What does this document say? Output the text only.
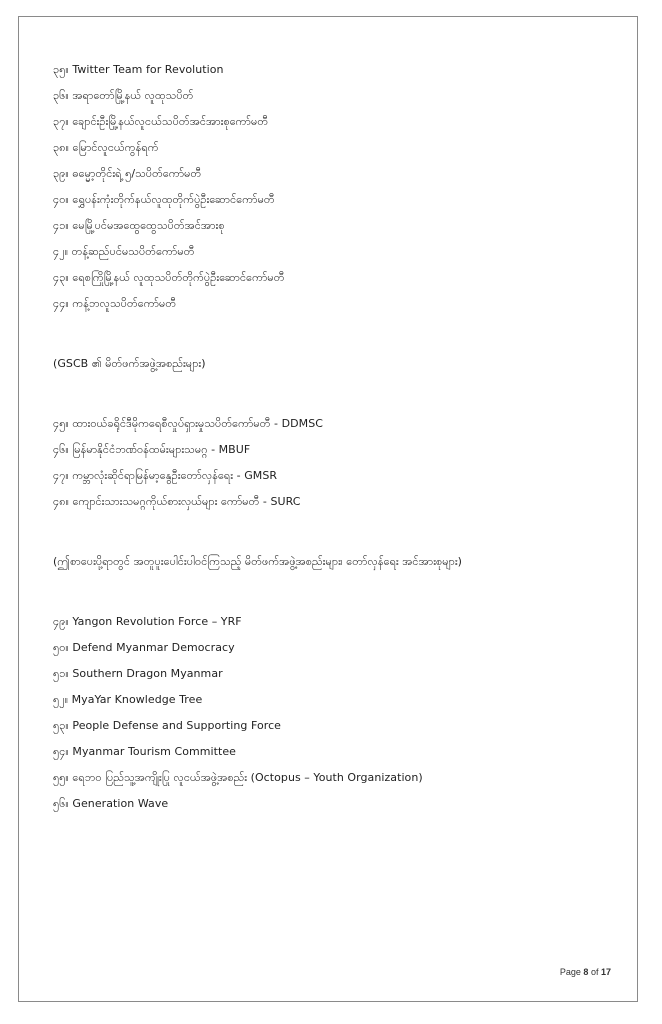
၃၅။ Twitter Team for Revolution
၃၆။ အရာတော်မြို့နယ် လူထုသပိတ်
၃၇။ ချောင်းဦးမြို့နယ်လူငယ်သပိတ်အင်အားစုကော်မတီ
၃၈။ မြောင်လူငယ်ကွန်ရက်
၃၉။ ဓမ္မော့တိုင်းရဲ့ ၅/သပိတ်ကော်မတီ
၄၀။ ရွှေပန်းကုံးတိုက်နယ်လူထုတိုက်ပွဲဦးဆောင်ကော်မတီ
၄၁။ မေမြို့ပင်မအထွေထွေသပိတ်အင်အားစု
၄၂။ တန့်ဆည်ပင်မသပိတ်ကော်မတီ
၄၃။ ရေစကြိုမြို့နယ် လူထုသပိတ်တိုက်ပွဲဦးဆောင်ကော်မတီ
၄၄။ ကန့်ဘလူသပိတ်ကော်မတီ
(GSCB ၏ မိတ်ဖက်အဖွဲ့အစည်းများ)
၄၅။ ထားဝယ်ခရိုင်ဒီမိုကရေစီလှုပ်ရှားမှုသပိတ်ကော်မတီ - DDMSC
၄၆။ မြန်မာနိုင်ငံဘဏ်ဝန်ထမ်းများသမဂ္ဂ - MBUF
၄၇။ ကမ္ဘာလုံးဆိုင်ရာမြန်မာ့နွေဦးတော်လှန်ရေး - GMSR
၄၈။ ကျောင်းသားသမဂ္ဂကိုယ်စားလှယ်များ ကော်မတီ - SURC
(ဤစာပေးပို့ရာတွင် အတူပူးပေါင်းပါဝင်ကြသည့် မိတ်ဖက်အဖွဲ့အစည်းများ၊ တော်လှန်ရေး အင်အားစုများ)
၄၉။ Yangon Revolution Force – YRF
၅၀။ Defend Myanmar Democracy
၅၁။ Southern Dragon Myanmar
၅၂။ MyaYar Knowledge Tree
၅၃။ People Defense and Supporting Force
၅၄။ Myanmar Tourism Committee
၅၅။ ရေဘဝ ပြည်သူ့အကျိုးပြု လူငယ်အဖွဲ့အစည်း (Octopus – Youth Organization)
၅၆။ Generation Wave
Page 8 of 17
